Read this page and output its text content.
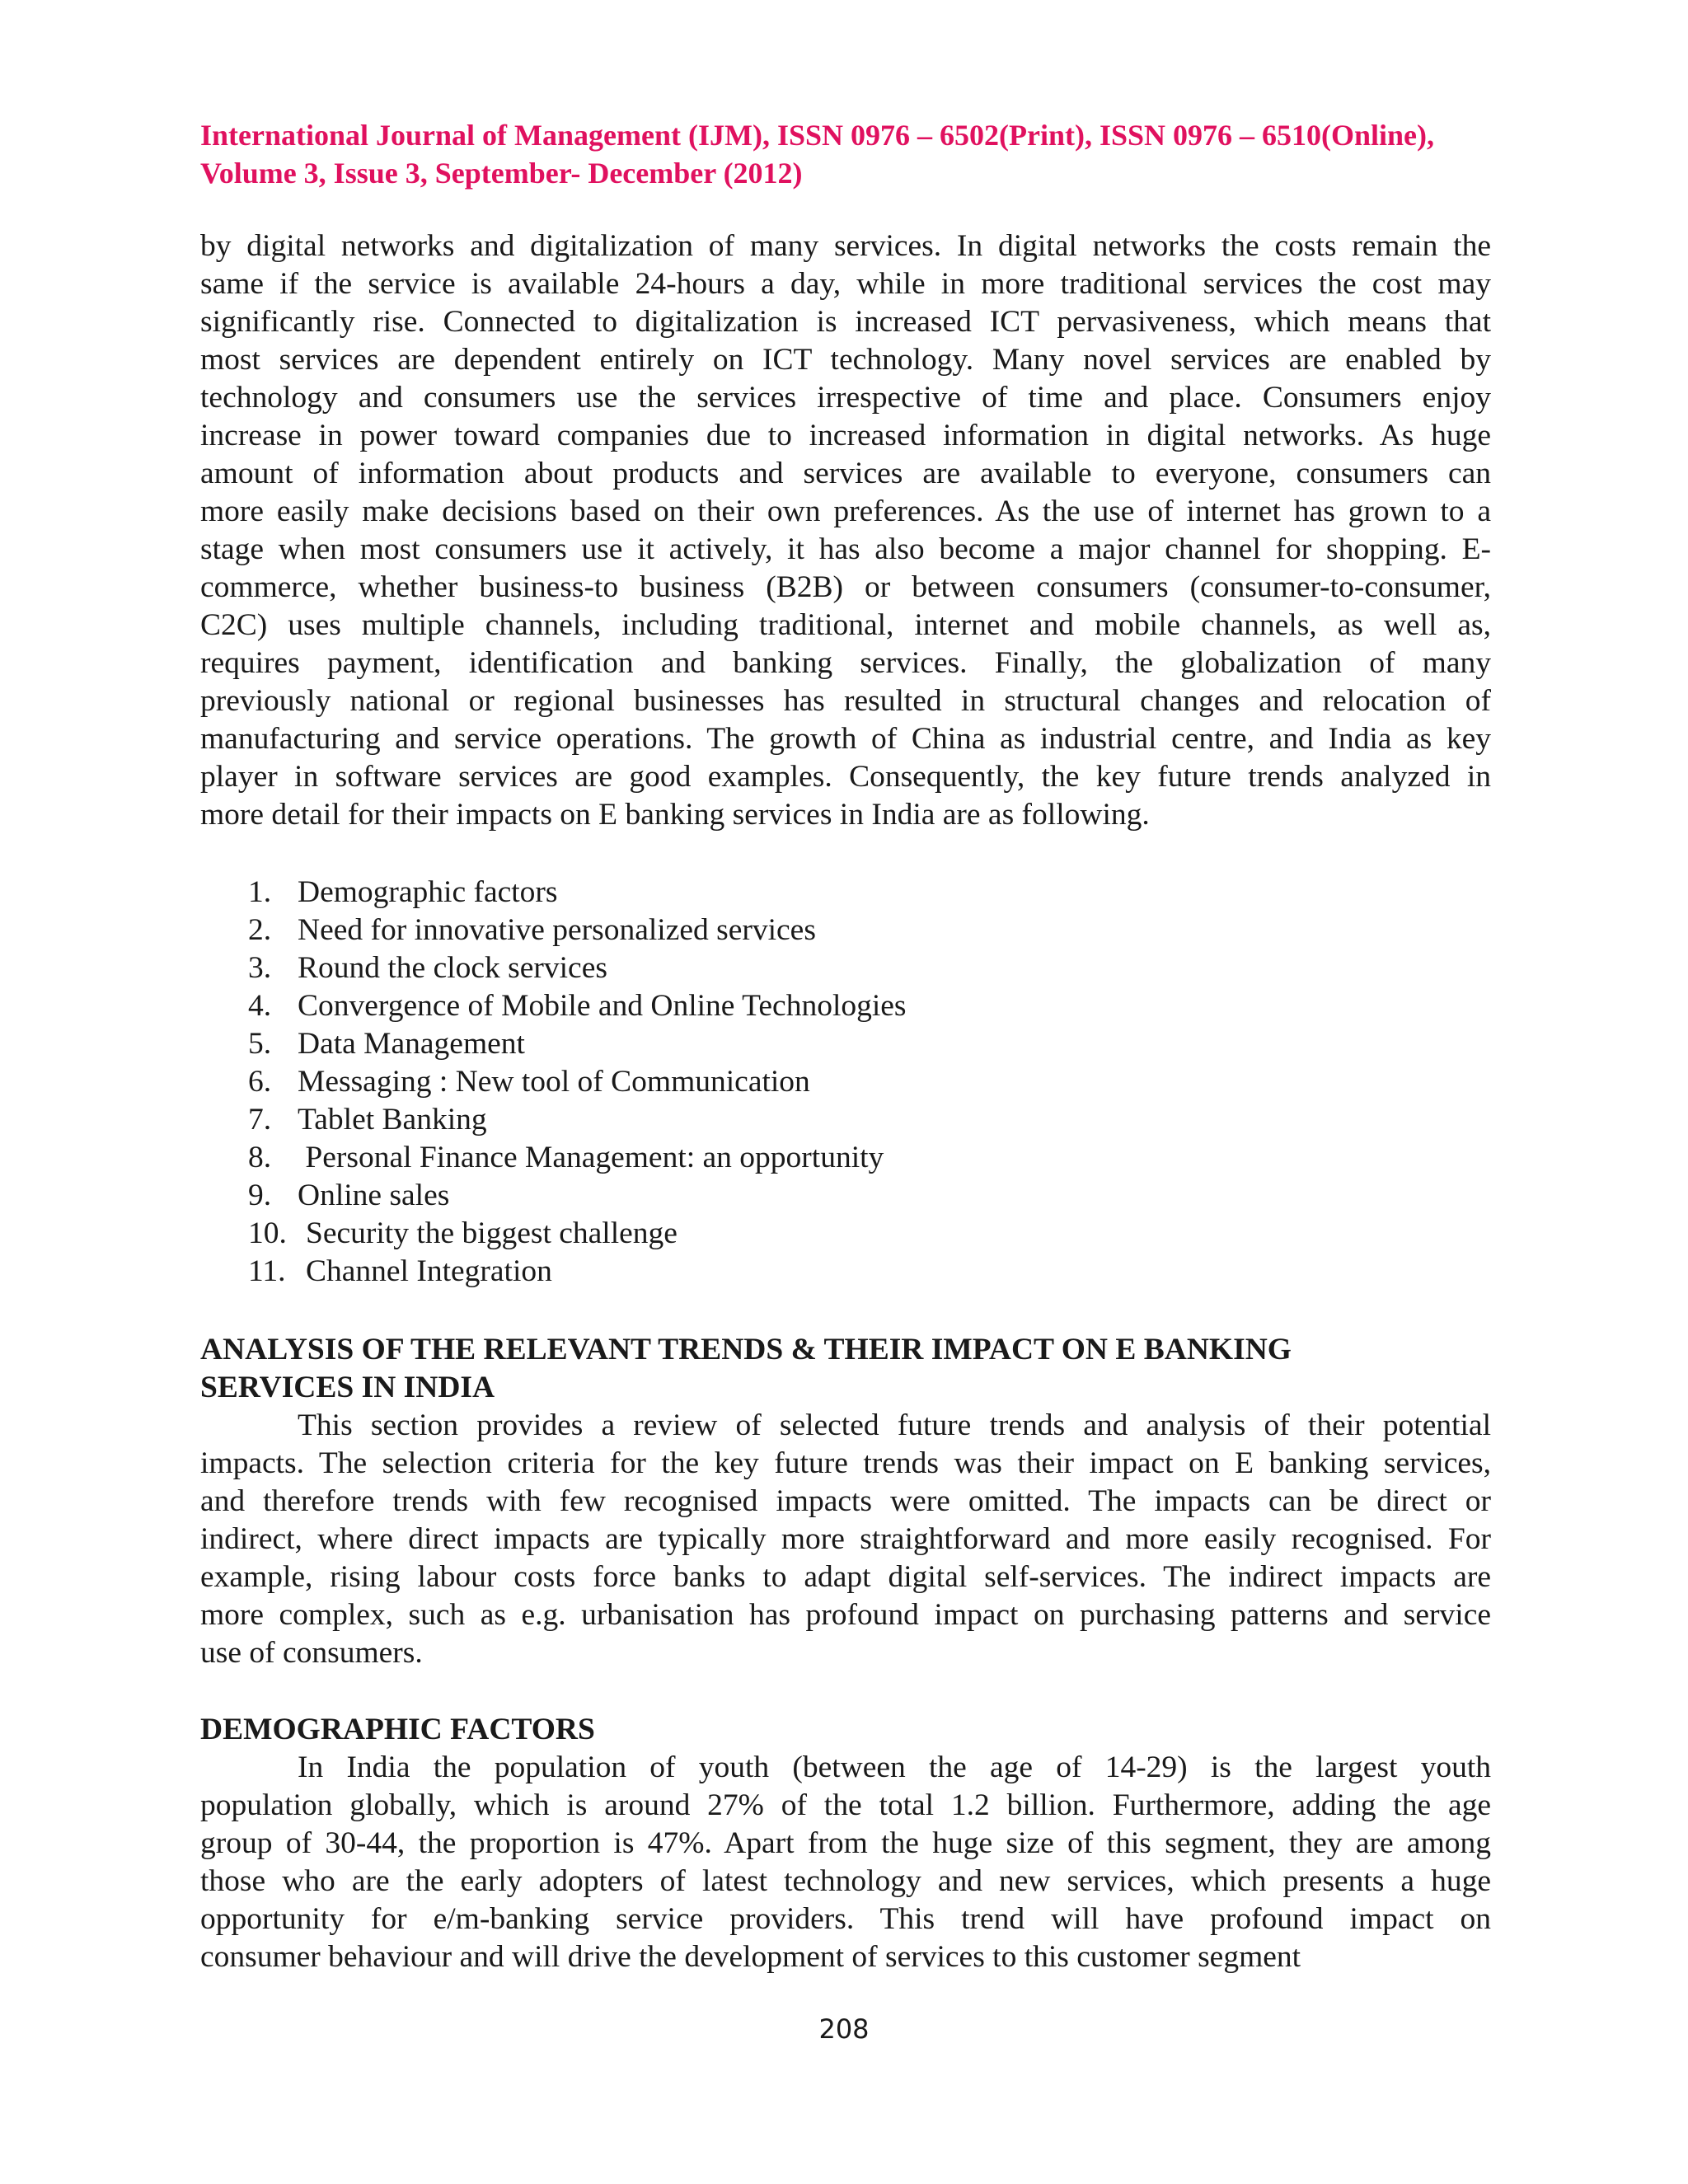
International Journal of Management (IJM), ISSN 0976 – 6502(Print), ISSN 0976 – 6510(Online),
Volume 3, Issue 3, September- December (2012)
by digital networks and digitalization of many services. In digital networks the costs remain the
same if the service is available 24-hours a day, while in more traditional services the cost may
significantly rise. Connected to digitalization is increased ICT pervasiveness, which means that
most services are dependent entirely on ICT technology. Many novel services are enabled by
technology and consumers use the services irrespective of time and place. Consumers enjoy
increase in power toward companies due to increased information in digital networks. As huge
amount of information about products and services are available to everyone, consumers can
more easily make decisions based on their own preferences. As the use of internet has grown to a
stage when most consumers use it actively, it has also become a major channel for shopping. E-
commerce, whether business-to business (B2B) or between consumers (consumer-to-consumer,
C2C) uses multiple channels, including traditional, internet and mobile channels, as well as,
requires payment, identification and banking services. Finally, the globalization of many
previously national or regional businesses has resulted in structural changes and relocation of
manufacturing and service operations. The growth of China as industrial centre, and India as key
player in software services are good examples. Consequently, the key future trends analyzed in
more detail for their impacts on E banking services in India are as following.
1. Demographic factors
2. Need for innovative personalized services
3. Round the clock services
4. Convergence of Mobile and Online Technologies
5. Data Management
6. Messaging : New tool of Communication
7. Tablet Banking
8. Personal Finance Management: an opportunity
9. Online sales
10. Security the biggest challenge
11. Channel Integration
ANALYSIS OF THE RELEVANT TRENDS & THEIR IMPACT ON E BANKING
SERVICES IN INDIA
This section provides a review of selected future trends and analysis of their potential
impacts. The selection criteria for the key future trends was their impact on E banking services,
and therefore trends with few recognised impacts were omitted. The impacts can be direct or
indirect, where direct impacts are typically more straightforward and more easily recognised. For
example, rising labour costs force banks to adapt digital self-services. The indirect impacts are
more complex, such as e.g. urbanisation has profound impact on purchasing patterns and service
use of consumers.
DEMOGRAPHIC FACTORS
In India the population of youth (between the age of 14-29) is the largest youth
population globally, which is around 27% of the total 1.2 billion. Furthermore, adding the age
group of 30-44, the proportion is 47%. Apart from the huge size of this segment, they are among
those who are the early adopters of latest technology and new services, which presents a huge
opportunity for e/m-banking service providers. This trend will have profound impact on
consumer behaviour and will drive the development of services to this customer segment
208
